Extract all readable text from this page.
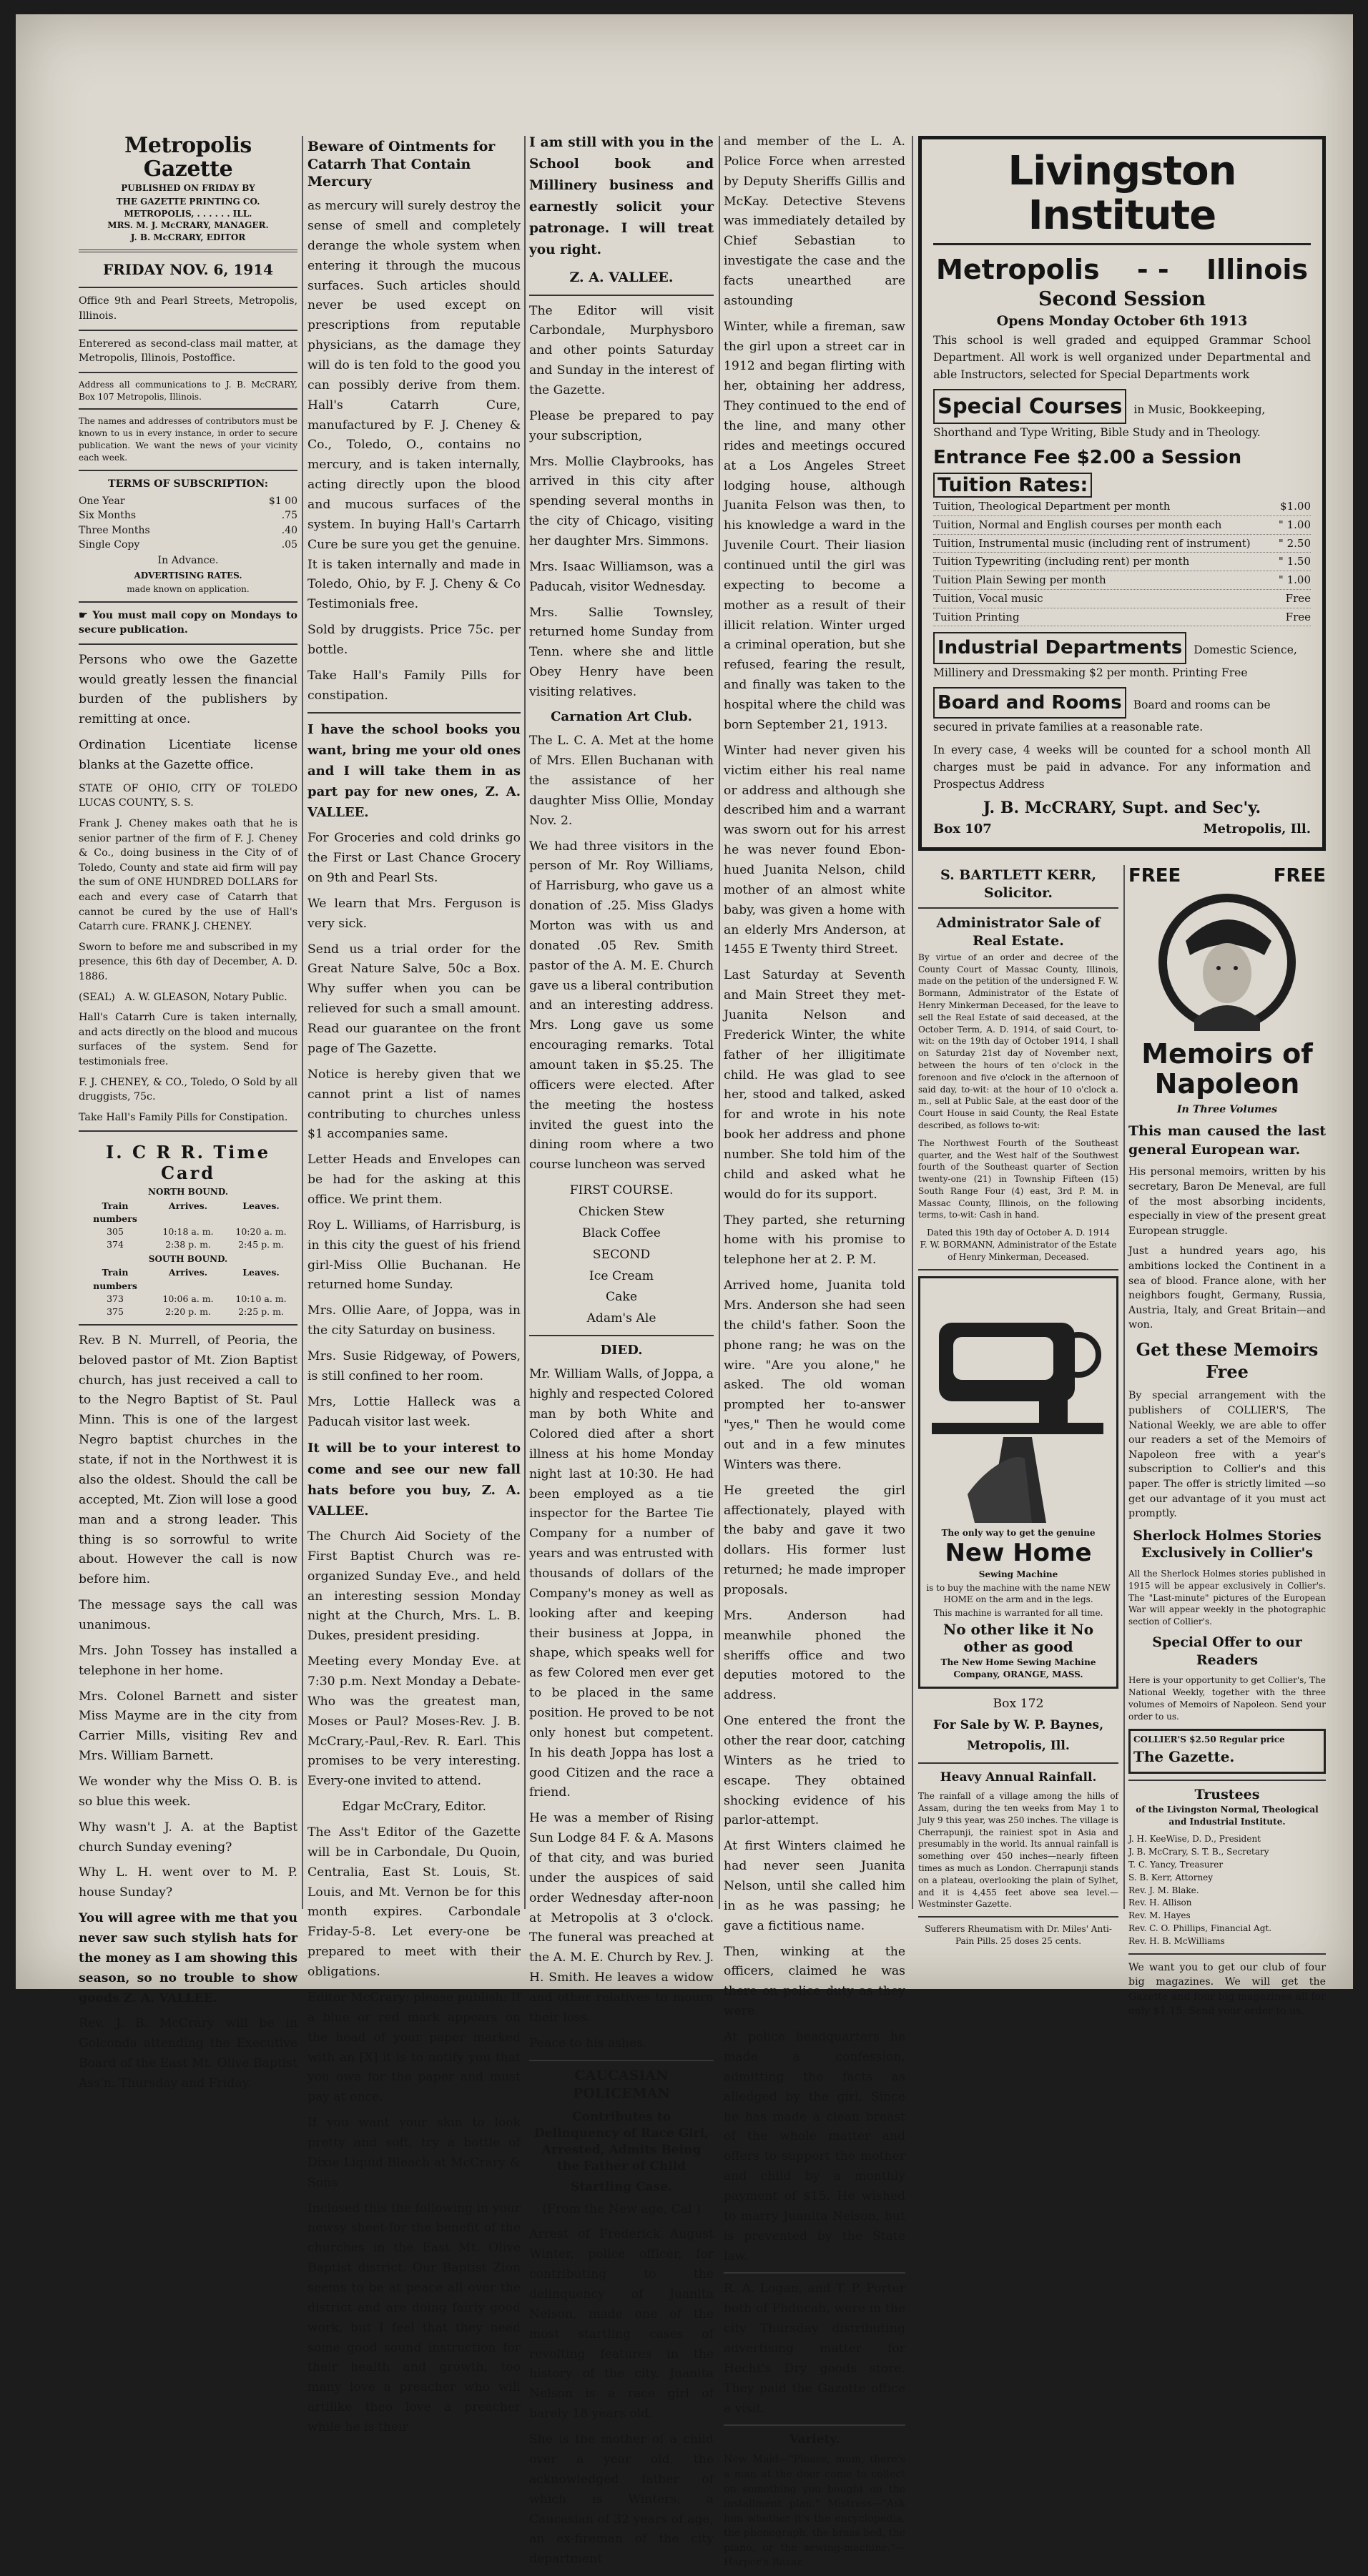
Metropolis Gazette

PUBLISHED ON FRIDAY BY

THE GAZETTE PRINTING CO.

METROPOLIS, . . . . . . ILL.

MRS. M. J. McCRARY, MANAGER.

J. B. McCRARY, EDITOR

FRIDAY NOV. 6, 1914

Office 9th and Pearl Streets, Metropolis, Illinois.

Enterered as second-class mail matter, at Metropolis, Illinois, Postoffice.

Address all communications to J. B. McCRARY, Box 107 Metropolis, Illinois.

The names and addresses of contributors must be known to us in every instance, in order to secure publication. We want the news of your vicinity each week.

TERMS OF SUBSCRIPTION:

One Year	$1 00
Six Months	.75
Three Months	.40
Single Copy	.05

In Advance.

ADVERTISING RATES.

made known on application.

☛ You must mail copy on Mondays to secure publication.

Persons who owe the Gazette would greatly lessen the financial burden of the publishers by remitting at once.

Ordination Licentiate license blanks at the Gazette office.

STATE OF OHIO, CITY OF TOLEDO LUCAS COUNTY, S. S.

Frank J. Cheney makes oath that he is senior partner of the firm of F. J. Cheney & Co., doing business in the City of of Toledo, County and state aid firm will pay the sum of ONE HUNDRED DOLLARS for each and every case of Catarrh that cannot be cured by the use of Hall's Catarrh cure. FRANK J. CHENEY.

Sworn to before me and subscribed in my presence, this 6th day of December, A. D. 1886.

(SEAL) A. W. GLEASON, Notary Public.

Hall's Catarrh Cure is taken internally, and acts directly on the blood and mucous surfaces of the system. Send for testimonials free.

F. J. CHENEY, & CO., Toledo, O Sold by all druggists, 75c.

Take Hall's Family Pills for Constipation.

I. C R R. Time Card

NORTH BOUND.

Train numbers
Arrives.	Leaves.
305	10:18 a. m.	10:20 a. m.
374	2:38 p. m.	2:45 p. m.

SOUTH BOUND.

Train numbers
Arrives.	Leaves.
373	10:06 a. m.	10:10 a. m.
375	2:20 p. m.	2:25 p. m.

Rev. B N. Murrell, of Peoria, the beloved pastor of Mt. Zion Baptist church, has just received a call to to the Negro Baptist of St. Paul Minn. This is one of the largest Negro baptist churches in the state, if not in the Northwest it is also the oldest. Should the call be accepted, Mt. Zion will lose a good man and a strong leader. This thing is so sorrowful to write about. However the call is now before him.

The message says the call was unanimous.

Mrs. John Tossey has installed a telephone in her home.

Mrs. Colonel Barnett and sister Miss Mayme are in the city from Carrier Mills, visiting Rev and Mrs. William Barnett.

We wonder why the Miss O. B. is so blue this week.

Why wasn't J. A. at the Baptist church Sunday evening?

Why L. H. went over to M. P. house Sunday?

You will agree with me that you never saw such stylish hats for the money as I am showing this season, so no trouble to show goods Z. A. VALLEE.

Rev. J. B. McCrary will be in Golconda attending the Executive Board of the East Mt. Olive Baptist Ass'n. Thursday and Friday.

Beware of Ointments for Catarrh That Contain Mercury

as mercury will surely destroy the sense of smell and completely derange the whole system when entering it through the mucous surfaces. Such articles should never be used except on prescriptions from reputable physicians, as the damage they will do is ten fold to the good you can possibly derive from them. Hall's Catarrh Cure, manufactured by F. J. Cheney & Co., Toledo, O., contains no mercury, and is taken internally, acting directly upon the blood and mucous surfaces of the system. In buying Hall's Cartarrh Cure be sure you get the genuine. It is taken internally and made in Toledo, Ohio, by F. J. Cheny & Co Testimonials free.

Sold by druggists. Price 75c. per bottle.

Take Hall's Family Pills for constipation.

I have the school books you want, bring me your old ones and I will take them in as part pay for new ones, Z. A. VALLEE.

For Groceries and cold drinks go the First or Last Chance Grocery on 9th and Pearl Sts.

We learn that Mrs. Ferguson is very sick.

Send us a trial order for the Great Nature Salve, 50c a Box. Why suffer when you can be relieved for such a small amount. Read our guarantee on the front page of The Gazette.

Notice is hereby given that we cannot print a list of names contributing to churches unless $1 accompanies same.

Letter Heads and Envelopes can be had for the asking at this office. We print them.

Roy L. Williams, of Harrisburg, is in this city the guest of his friend girl-Miss Ollie Buchanan. He returned home Sunday.

Mrs. Ollie Aare, of Joppa, was in the city Saturday on business.

Mrs. Susie Ridgeway, of Powers, is still confined to her room.

Mrs, Lottie Halleck was a Paducah visitor last week.

It will be to your interest to come and see our new fall hats before you buy, Z. A. VALLEE.

The Church Aid Society of the First Baptist Church was re-organized Sunday Eve., and held an interesting session Monday night at the Church, Mrs. L. B. Dukes, president presiding.

Meeting every Monday Eve. at 7:30 p.m. Next Monday a Debate-Who was the greatest man, Moses or Paul? Moses-Rev. J. B. McCrary,-Paul,-Rev. R. Earl. This promises to be very interesting. Every-one invited to attend.

Edgar McCrary, Editor.

The Ass't Editor of the Gazette will be in Carbondale, Du Quoin, Centralia, East St. Louis, St. Louis, and Mt. Vernon be for this month expires. Carbondale Friday-5-8. Let every-one be prepared to meet with their obligations.

Editor McCrary: please publish: If a blue or red mark appears on the head of your paper marked with an [X] it is to notify you that you owe for the paper and must pay at once.

If you want your skin to look pretty and soft, try a bottle of Dixie Liquid Bleach at McCrary & Sons

Inclosed this the following in your newsy sheet-for the benefit of the churches in the East Mt. Olive Baptist district. Our Baptist Zion seems to be at peace all over the district and are doing fairly good work, but I feel that they need some good sound instruction for their health and growth, too many love a preacher who will artilike theo love a preacher while he is their

I am still with you in the School book and Millinery business and earnestly solicit your patronage. I will treat you right.

Z. A. VALLEE.

The Editor will visit Carbondale, Murphysboro and other points Saturday and Sunday in the interest of the Gazette.

Please be prepared to pay your subscription,

Mrs. Mollie Claybrooks, has arrived in this city after spending several months in the city of Chicago, visiting her daughter Mrs. Simmons.

Mrs. Isaac Williamson, was a Paducah, visitor Wednesday.

Mrs. Sallie Townsley, returned home Sunday from Tenn. where she and little Obey Henry have been visiting relatives.

Carnation Art Club.

The L. C. A. Met at the home of Mrs. Ellen Buchanan with the assistance of her daughter Miss Ollie, Monday Nov. 2.

We had three visitors in the person of Mr. Roy Williams, of Harrisburg, who gave us a donation of .25. Miss Gladys Morton was with us and donated .05 Rev. Smith pastor of the A. M. E. Church gave us a liberal contribution and an interesting address. Mrs. Long gave us some encouraging remarks. Total amount taken in $5.25. The officers were elected. After the meeting the hostess invited the guest into the dining room where a two course luncheon was served

FIRST COURSE.

Chicken Stew

Black Coffee

SECOND

Ice Cream

Cake

Adam's Ale

DIED.

Mr. William Walls, of Joppa, a highly and respected Colored man by both White and Colored died after a short illness at his home Monday night last at 10:30. He had been employed as a tie inspector for the Bartee Tie Company for a number of years and was entrusted with thousands of dollars of the Company's money as well as looking after and keeping their business at Joppa, in shape, which speaks well for as few Colored men ever get to be placed in the same position. He proved to be not only honest but competent. In his death Joppa has lost a good Citizen and the race a friend.

He was a member of Rising Sun Lodge 84 F. & A. Masons of that city, and was buried under the auspices of said order Wednesday after-noon at Metropolis at 3 o'clock. The funeral was preached at the A. M. E. Church by Rev. J. H. Smith. He leaves a widow and other relatives to mourn their loss.

Peace to his ashes.

CAUCASIAN POLICEMAN
Contributes to Delinquency of Race Girl, Arrested, Admits Being the Father of Child
Startling Case.

(From the New age, Cal )

Arrest of Frederick August Winter, police officer, for contributing to the delinquency of Juanita Nelson, made one of the most startling cases of revolting features in the history of the city. Juanita Nelson is a race girl of barely 18 years old.

She is the mother of a child over a year old, the acknowledged father of which is Winters, a Caucasian of 32 years of age, an ex-fireman of the city department

and member of the L. A. Police Force when arrested by Deputy Sheriffs Gillis and McKay. Detective Stevens was immediately detailed by Chief Sebastian to investigate the case and the facts unearthed are astounding

Winter, while a fireman, saw the girl upon a street car in 1912 and began flirting with her, obtaining her address, They continued to the end of the line, and many other rides and meetings occured at a Los Angeles Street lodging house, although Juanita Felson was then, to his knowledge a ward in the Juvenile Court. Their liasion continued until the girl was expecting to become a mother as a result of their illicit relation. Winter urged a criminal operation, but she refused, fearing the result, and finally was taken to the hospital where the child was born September 21, 1913.

Winter had never given his victim either his real name or address and although she described him and a warrant was sworn out for his arrest he was never found Ebon-hued Juanita Nelson, child mother of an almost white baby, was given a home with an elderly Mrs Anderson, at 1455 E Twenty third Street.

Last Saturday at Seventh and Main Street they met-Juanita Nelson and Frederick Winter, the white father of her illigitimate child. He was glad to see her, stood and talked, asked for and wrote in his note book her address and phone number. She told him of the child and asked what he would do for its support.

They parted, she returning home with his promise to telephone her at 2. P. M.

Arrived home, Juanita told Mrs. Anderson she had seen the child's father. Soon the phone rang; he was on the wire. "Are you alone," he asked. The old woman prompted her to-answer "yes," Then he would come out and in a few minutes Winters was there.

He greeted the girl affectionately, played with the baby and gave it two dollars. His former lust returned; he made improper proposals.

Mrs. Anderson had meanwhile phoned the sheriffs office and two deputies motored to the address.

One entered the front the other the rear door, catching Winters as he tried to escape. They obtained shocking evidence of his parlor-attempt.

At first Winters claimed he had never seen Juanita Nelson, until she called him in as he was passing; he gave a fictitious name.

Then, winking at the officers, claimed he was there on police duty as they were.

At police headquarters he made a confession, admitting the facts as alledged by the girl. Since he has made a clean breast of the whole matter and offers to support the mother and child by a monthly payment of $15. He wished to marry Juanita Nelson, but is prevented by the State law.

R. A. Logan, and T. P. Porter both of Phducah, were in the city Thursday distributing advertising matter for Hecht's Dry goods store. They paid the Gazette office a visit.

Variety.

New Maid—"Please, mum, there's a man at the door come to collect on something you bought on the installment plan." Mistress—"Ask him whether it's the encyclopedia, the phonograph, the brass bed, the piano, or the sewing-machine."—Harper's Bazar.

Livingston Institute
Metropolis - - Illinois
Second Session
Opens Monday October 6th 1913

This school is well graded and equipped Grammar School Department. All work is well organized under Departmental and able Instructors, selected for Special Departments work

Special Courses in Music, Bookkeeping, Shorthand and Type Writing, Bible Study and in Theology.
Entrance Fee $2.00 a Session Tuition Rates:
Tuition, Theological Department per month	$1.00
Tuition, Normal and English courses per month each	" 1.00
Tuition, Instrumental music (including rent of instrument)	" 2.50
Tuition Typewriting (including rent) per month	" 1.50
Tuition Plain Sewing per month	" 1.00
Tuition, Vocal music	Free
Tuition Printing	Free
Industrial Departments Domestic Science, Millinery and Dressmaking $2 per month. Printing Free
Board and Rooms Board and rooms can be secured in private families at a reasonable rate.

In every case, 4 weeks will be counted for a school month All charges must be paid in advance. For any information and Prospectus Address

J. B. McCRARY, Supt. and Sec'y.
Box 107	Metropolis, Ill.
S. BARTLETT KERR, Solicitor.
Administrator Sale of Real Estate.

By virtue of an order and decree of the County Court of Massac County, Illinois, made on the petition of the undersigned F. W. Bormann, Administrator of the Estate of Henry Minkerman Deceased, for the leave to sell the Real Estate of said deceased, at the October Term, A. D. 1914, of said Court, to-wit: on the 19th day of October 1914, I shall on Saturday 21st day of November next, between the hours of ten o'clock in the forenoon and five o'clock in the afternoon of said day, to-wit: at the hour of 10 o'clock a. m., sell at Public Sale, at the east door of the Court House in said County, the Real Estate described, as follows to-wit:

The Northwest Fourth of the Southeast quarter, and the West half of the Southwest fourth of the Southeast quarter of Section twenty-one (21) in Township Fifteen (15) South Range Four (4) east, 3rd P. M. in Massac County, Illinois, on the following terms, to-wit: Cash in hand.

Dated this 19th day of October A. D. 1914

F. W. BORMANN, Administrator of the Estate of Henry Minkerman, Deceased.

The only way to get the genuine

New Home

Sewing Machine

is to buy the machine with the name NEW HOME on the arm and in the legs.

This machine is warranted for all time.

No other like it No other as good

The New Home Sewing Machine Company, ORANGE, MASS.

Box 172

For Sale by W. P. Baynes,

Metropolis, Ill.

Heavy Annual Rainfall.

The rainfall of a village among the hills of Assam, during the ten weeks from May 1 to July 9 this year, was 250 inches. The village is Cherrapunji, the rainiest spot in Asia and presumably in the world. Its annual rainfall is something over 450 inches—nearly fifteen times as much as London. Cherrapunji stands on a plateau, overlooking the plain of Sylhet, and it is 4,455 feet above sea level.—Westminster Gazette.

Sufferers Rheumatism with Dr. Miles' Anti-Pain Pills. 25 doses 25 cents.

FREE	FREE
Memoirs of Napoleon

In Three Volumes

This man caused the last general European war.

His personal memoirs, written by his secretary, Baron De Meneval, are full of the most absorbing incidents, especially in view of the present great European struggle.

Just a hundred years ago, his ambitions locked the Continent in a sea of blood. France alone, with her neighbors fought, Germany, Russia, Austria, Italy, and Great Britain—and won.

Get these Memoirs Free

By special arrangement with the publishers of COLLIER'S, The National Weekly, we are able to offer our readers a set of the Memoirs of Napoleon free with a year's subscription to Collier's and this paper. The offer is strictly limited —so get our advantage of it you must act promptly.

Sherlock Holmes Stories Exclusively in Collier's

All the Sherlock Holmes stories published in 1915 will be appear exclusively in Collier's. The "Last-minute" pictures of the European War will appear weekly in the photographic section of Collier's.

Special Offer to our Readers

Here is your opportunity to get Collier's, The National Weekly, together with the three volumes of Memoirs of Napoleon. Send your order to us.

COLLIER'S $2.50 Regular price

The Gazette.

Trustees

of the Livingston Normal, Theological and Industrial Institute.

J. H. KeeWise, D. D., President

J. B. McCrary, S. T. B., Secretary

T. C. Yancy, Treasurer

S. B. Kerr, Attorney

Rev. J. M. Blake.

Rev. H. Allison

Rev. M. Hayes

Rev. C. O. Phillips, Financial Agt.

Rev. H. B. McWilliams

We want you to get our club of four big magazines. We will get the Gazette and four big magazines all for only $1.15. Send your order to us.
